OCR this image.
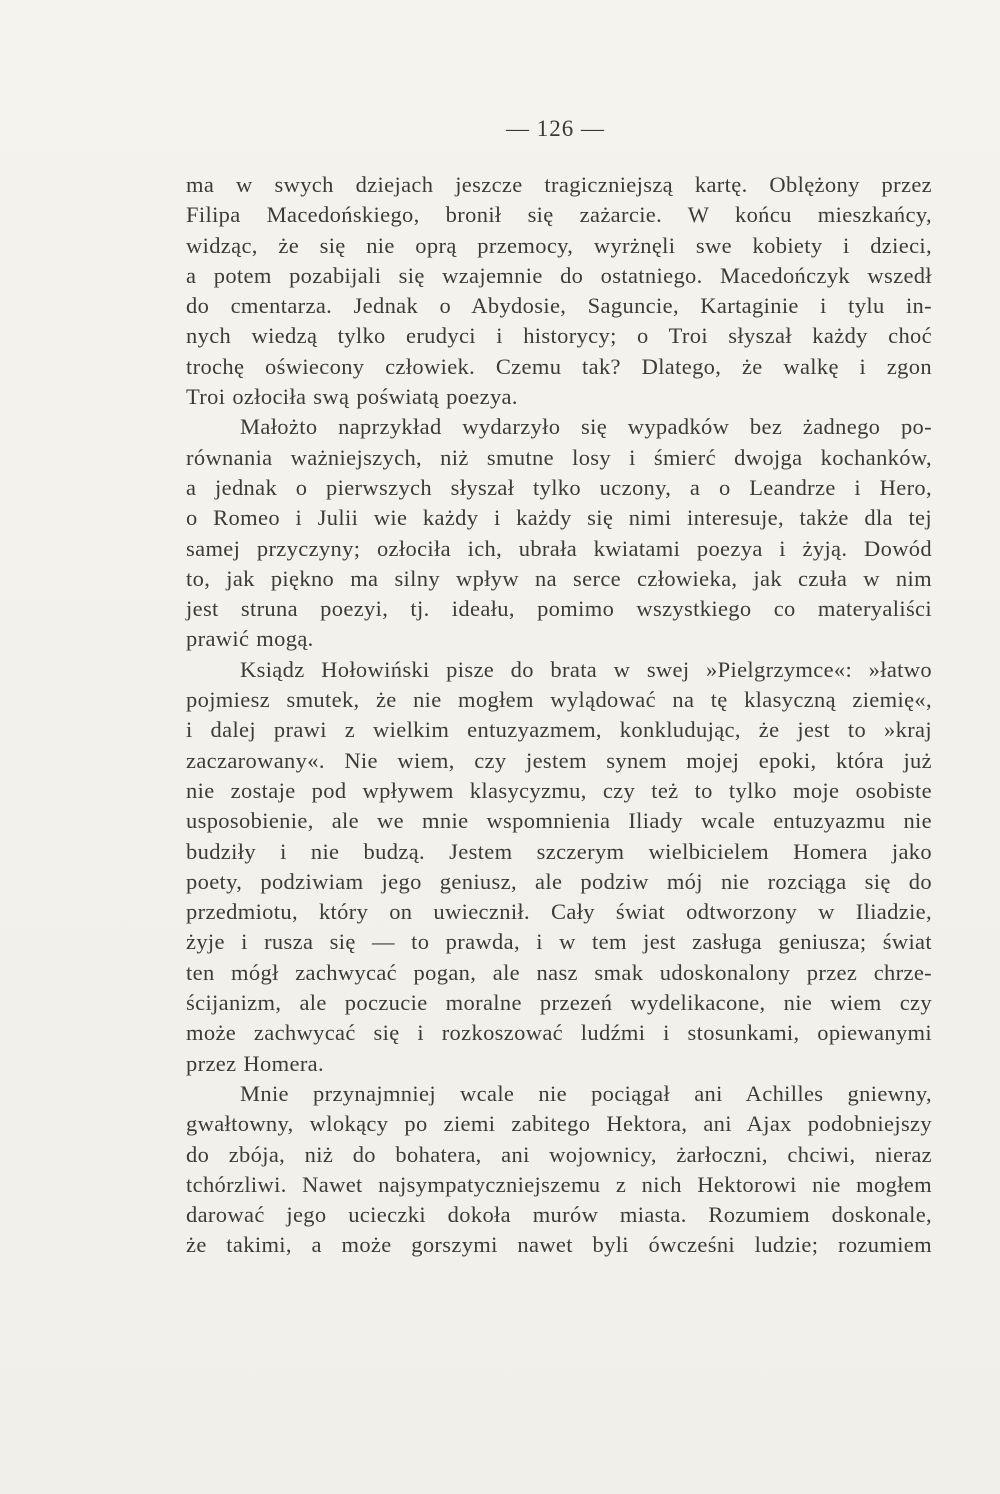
— 126 —
ma w swych dziejach jeszcze tragiczniejszą kartę. Oblężony przez
Filipa Macedońskiego, bronił się zażarcie. W końcu mieszkańcy,
widząc, że się nie oprą przemocy, wyrżnęli swe kobiety i dzieci,
a potem pozabijali się wzajemnie do ostatniego. Macedończyk wszedł
do cmentarza. Jednak o Abydosie, Saguncie, Kartaginie i tylu in-
nych wiedzą tylko erudyci i historycy; o Troi słyszał każdy choć
trochę oświecony człowiek. Czemu tak? Dlatego, że walkę i zgon
Troi ozłociła swą poświatą poezya.
Małożto naprzykład wydarzyło się wypadków bez żadnego po-
równania ważniejszych, niż smutne losy i śmierć dwojga kochanków,
a jednak o pierwszych słyszał tylko uczony, a o Leandrze i Hero,
o Romeo i Julii wie każdy i każdy się nimi interesuje, także dla tej
samej przyczyny; ozłociła ich, ubrała kwiatami poezya i żyją. Dowód
to, jak piękno ma silny wpływ na serce człowieka, jak czuła w nim
jest struna poezyi, tj. ideału, pomimo wszystkiego co materyaliści
prawić mogą.
Ksiądz Hołowiński pisze do brata w swej »Pielgrzymce«: »łatwo
pojmiesz smutek, że nie mogłem wylądować na tę klasyczną ziemię«,
i dalej prawi z wielkim entuzyazmem, konkludując, że jest to »kraj
zaczarowany«. Nie wiem, czy jestem synem mojej epoki, która już
nie zostaje pod wpływem klasycyzmu, czy też to tylko moje osobiste
usposobienie, ale we mnie wspomnienia Iliady wcale entuzyazmu nie
budziły i nie budzą. Jestem szczerym wielbicielem Homera jako
poety, podziwiam jego geniusz, ale podziw mój nie rozciąga się do
przedmiotu, który on uwiecznił. Cały świat odtworzony w Iliadzie,
żyje i rusza się — to prawda, i w tem jest zasługa geniusza; świat
ten mógł zachwycać pogan, ale nasz smak udoskonalony przez chrze-
ścijanizm, ale poczucie moralne przezeń wydelikacone, nie wiem czy
może zachwycać się i rozkoszować ludźmi i stosunkami, opiewanymi
przez Homera.
Mnie przynajmniej wcale nie pociągał ani Achilles gniewny,
gwałtowny, wlokący po ziemi zabitego Hektora, ani Ajax podobniejszy
do zbója, niż do bohatera, ani wojownicy, żarłoczni, chciwi, nieraz
tchórzliwi. Nawet najsympatyczniejszemu z nich Hektorowi nie mogłem
darować jego ucieczki dokoła murów miasta. Rozumiem doskonale,
że takimi, a może gorszymi nawet byli ówcześni ludzie; rozumiem
